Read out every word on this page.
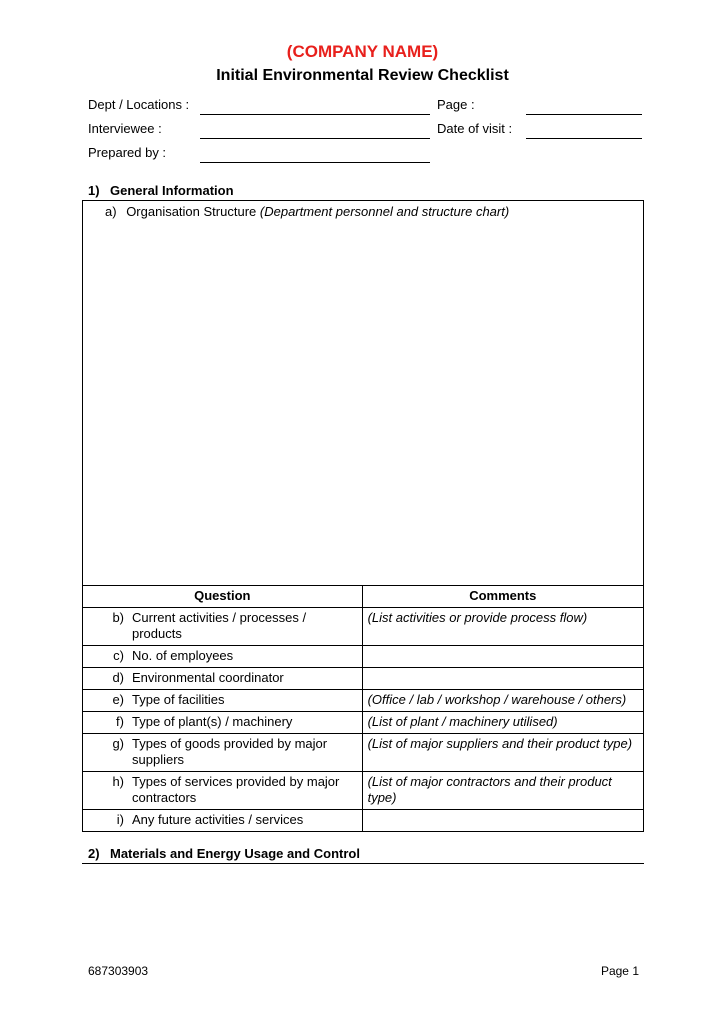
(COMPANY NAME)
Initial Environmental Review Checklist
Dept / Locations :	Page :
Interviewee :	Date of visit :
Prepared by :
1) General Information
a) Organisation Structure (Department personnel and structure chart)
Question	Comments

b) Current activities / processes / products	(List activities or provide process flow)

c) No. of employees	

d) Environmental coordinator	

e) Type of facilities	(Office / lab / workshop / warehouse / others)

f) Type of plant(s) / machinery	(List of plant / machinery utilised)

g) Types of goods provided by major suppliers	(List of major suppliers and their product type)

h) Types of services provided by major contractors	(List of major contractors and their product type)

i) Any future activities / services	

2) Materials and Energy Usage and Control
687303903	Page 1
